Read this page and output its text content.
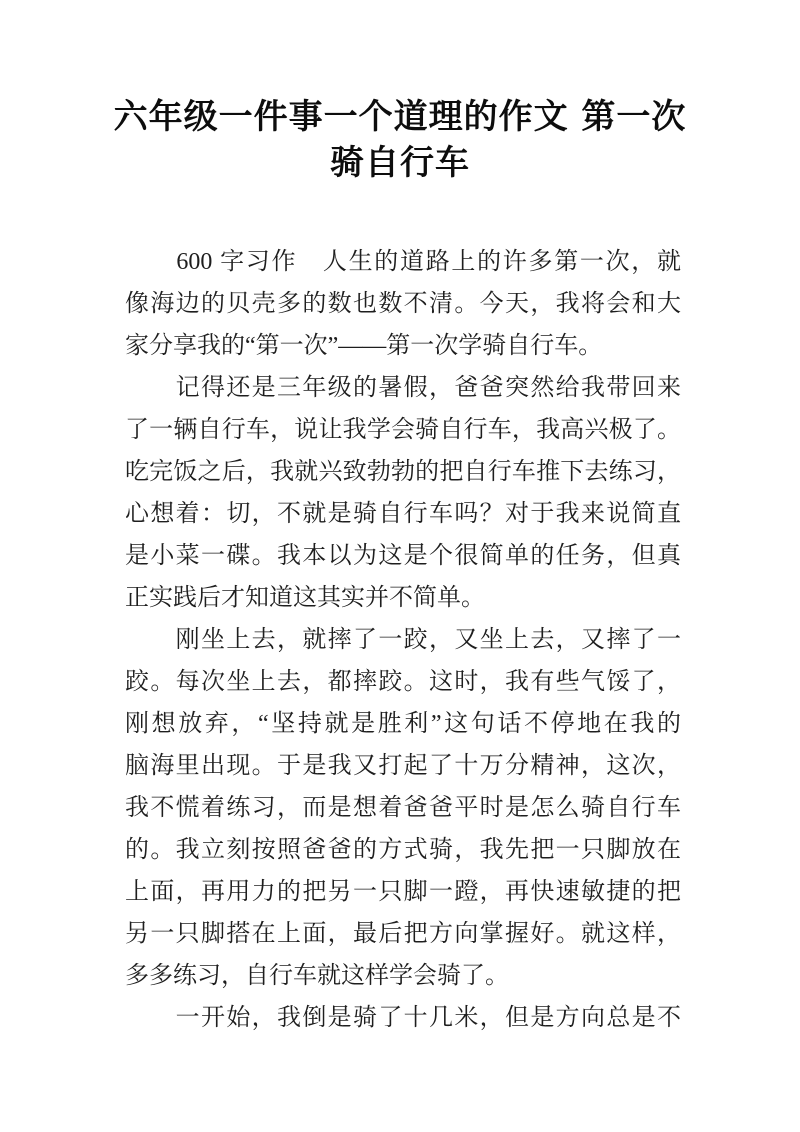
六年级一件事一个道理的作文 第一次
骑自行车
　　600 字习作　人生的道路上的许多第一次，就
像海边的贝壳多的数也数不清。今天，我将会和大
家分享我的“第一次”——第一次学骑自行车。
　　记得还是三年级的暑假，爸爸突然给我带回来
了一辆自行车，说让我学会骑自行车，我高兴极了。
吃完饭之后，我就兴致勃勃的把自行车推下去练习，
心想着：切，不就是骑自行车吗？对于我来说简直
是小菜一碟。我本以为这是个很简单的任务，但真
正实践后才知道这其实并不简单。
　　刚坐上去，就摔了一跤，又坐上去，又摔了一
跤。每次坐上去，都摔跤。这时，我有些气馁了，
刚想放弃，“坚持就是胜利”这句话不停地在我的
脑海里出现。于是我又打起了十万分精神，这次，
我不慌着练习，而是想着爸爸平时是怎么骑自行车
的。我立刻按照爸爸的方式骑，我先把一只脚放在
上面，再用力的把另一只脚一蹬，再快速敏捷的把
另一只脚搭在上面，最后把方向掌握好。就这样，
多多练习，自行车就这样学会骑了。
　　一开始，我倒是骑了十几米，但是方向总是不
